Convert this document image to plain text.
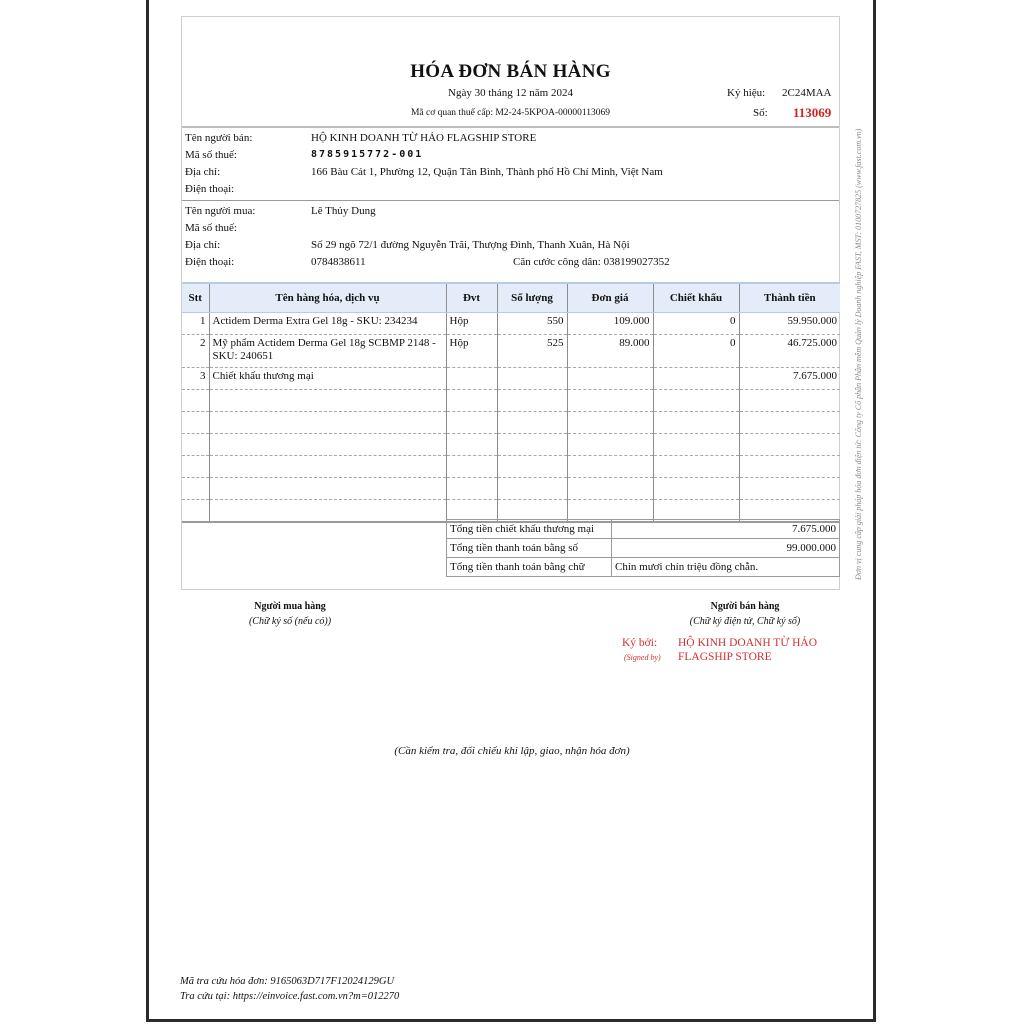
HÓA ĐƠN BÁN HÀNG
Ngày 30 tháng 12 năm 2024
Mã cơ quan thuế cấp: M2-24-5KPOA-00000113069
Ký hiệu: 2C24MAA
Số: 113069
Tên người bán:	HỘ KINH DOANH TỪ HẢO FLAGSHIP STORE
Mã số thuế:	8785915772-001
Địa chỉ:	166 Bàu Cát 1, Phường 12, Quận Tân Bình, Thành phố Hồ Chí Minh, Việt Nam
Điện thoại:
Tên người mua:	Lê Thủy Dung
Mã số thuế:
Địa chỉ:	Số 29 ngõ 72/1 đường Nguyễn Trãi, Thượng Đình, Thanh Xuân, Hà Nội
Điện thoại:	0784838611	Căn cước công dân: 038199027352
Stt	Tên hàng hóa, dịch vụ	Đvt	Số lượng	Đơn giá	Chiết khấu	Thành tiền
1	Actidem Derma Extra Gel 18g - SKU: 234234	Hộp	550	109.000	0	59.950.000
2	Mỹ phẩm Actidem Derma Gel 18g SCBMP 2148 - SKU: 240651	Hộp	525	89.000	0	46.725.000
3	Chiết khấu thương mại					7.675.000

Tổng tiền chiết khấu thương mại	7.675.000
Tổng tiền thanh toán bằng số	99.000.000
Tổng tiền thanh toán bằng chữ	Chín mươi chín triệu đồng chẵn.
Người mua hàng
(Chữ ký số (nếu có))
Người bán hàng
(Chữ ký điện tử, Chữ ký số)
Ký bởi:
(Signed by)
HỘ KINH DOANH TỪ HẢO
FLAGSHIP STORE
(Cần kiểm tra, đối chiếu khi lập, giao, nhận hóa đơn)
Mã tra cứu hóa đơn: 9165063D717F12024129GU
Tra cứu tại: https://einvoice.fast.com.vn?m=012270
Đơn vị cung cấp giải pháp hóa đơn điện tử: Công ty Cổ phần Phần mềm Quản lý Doanh nghiệp FAST, MST: 0100727825 (www.fast.com.vn)
